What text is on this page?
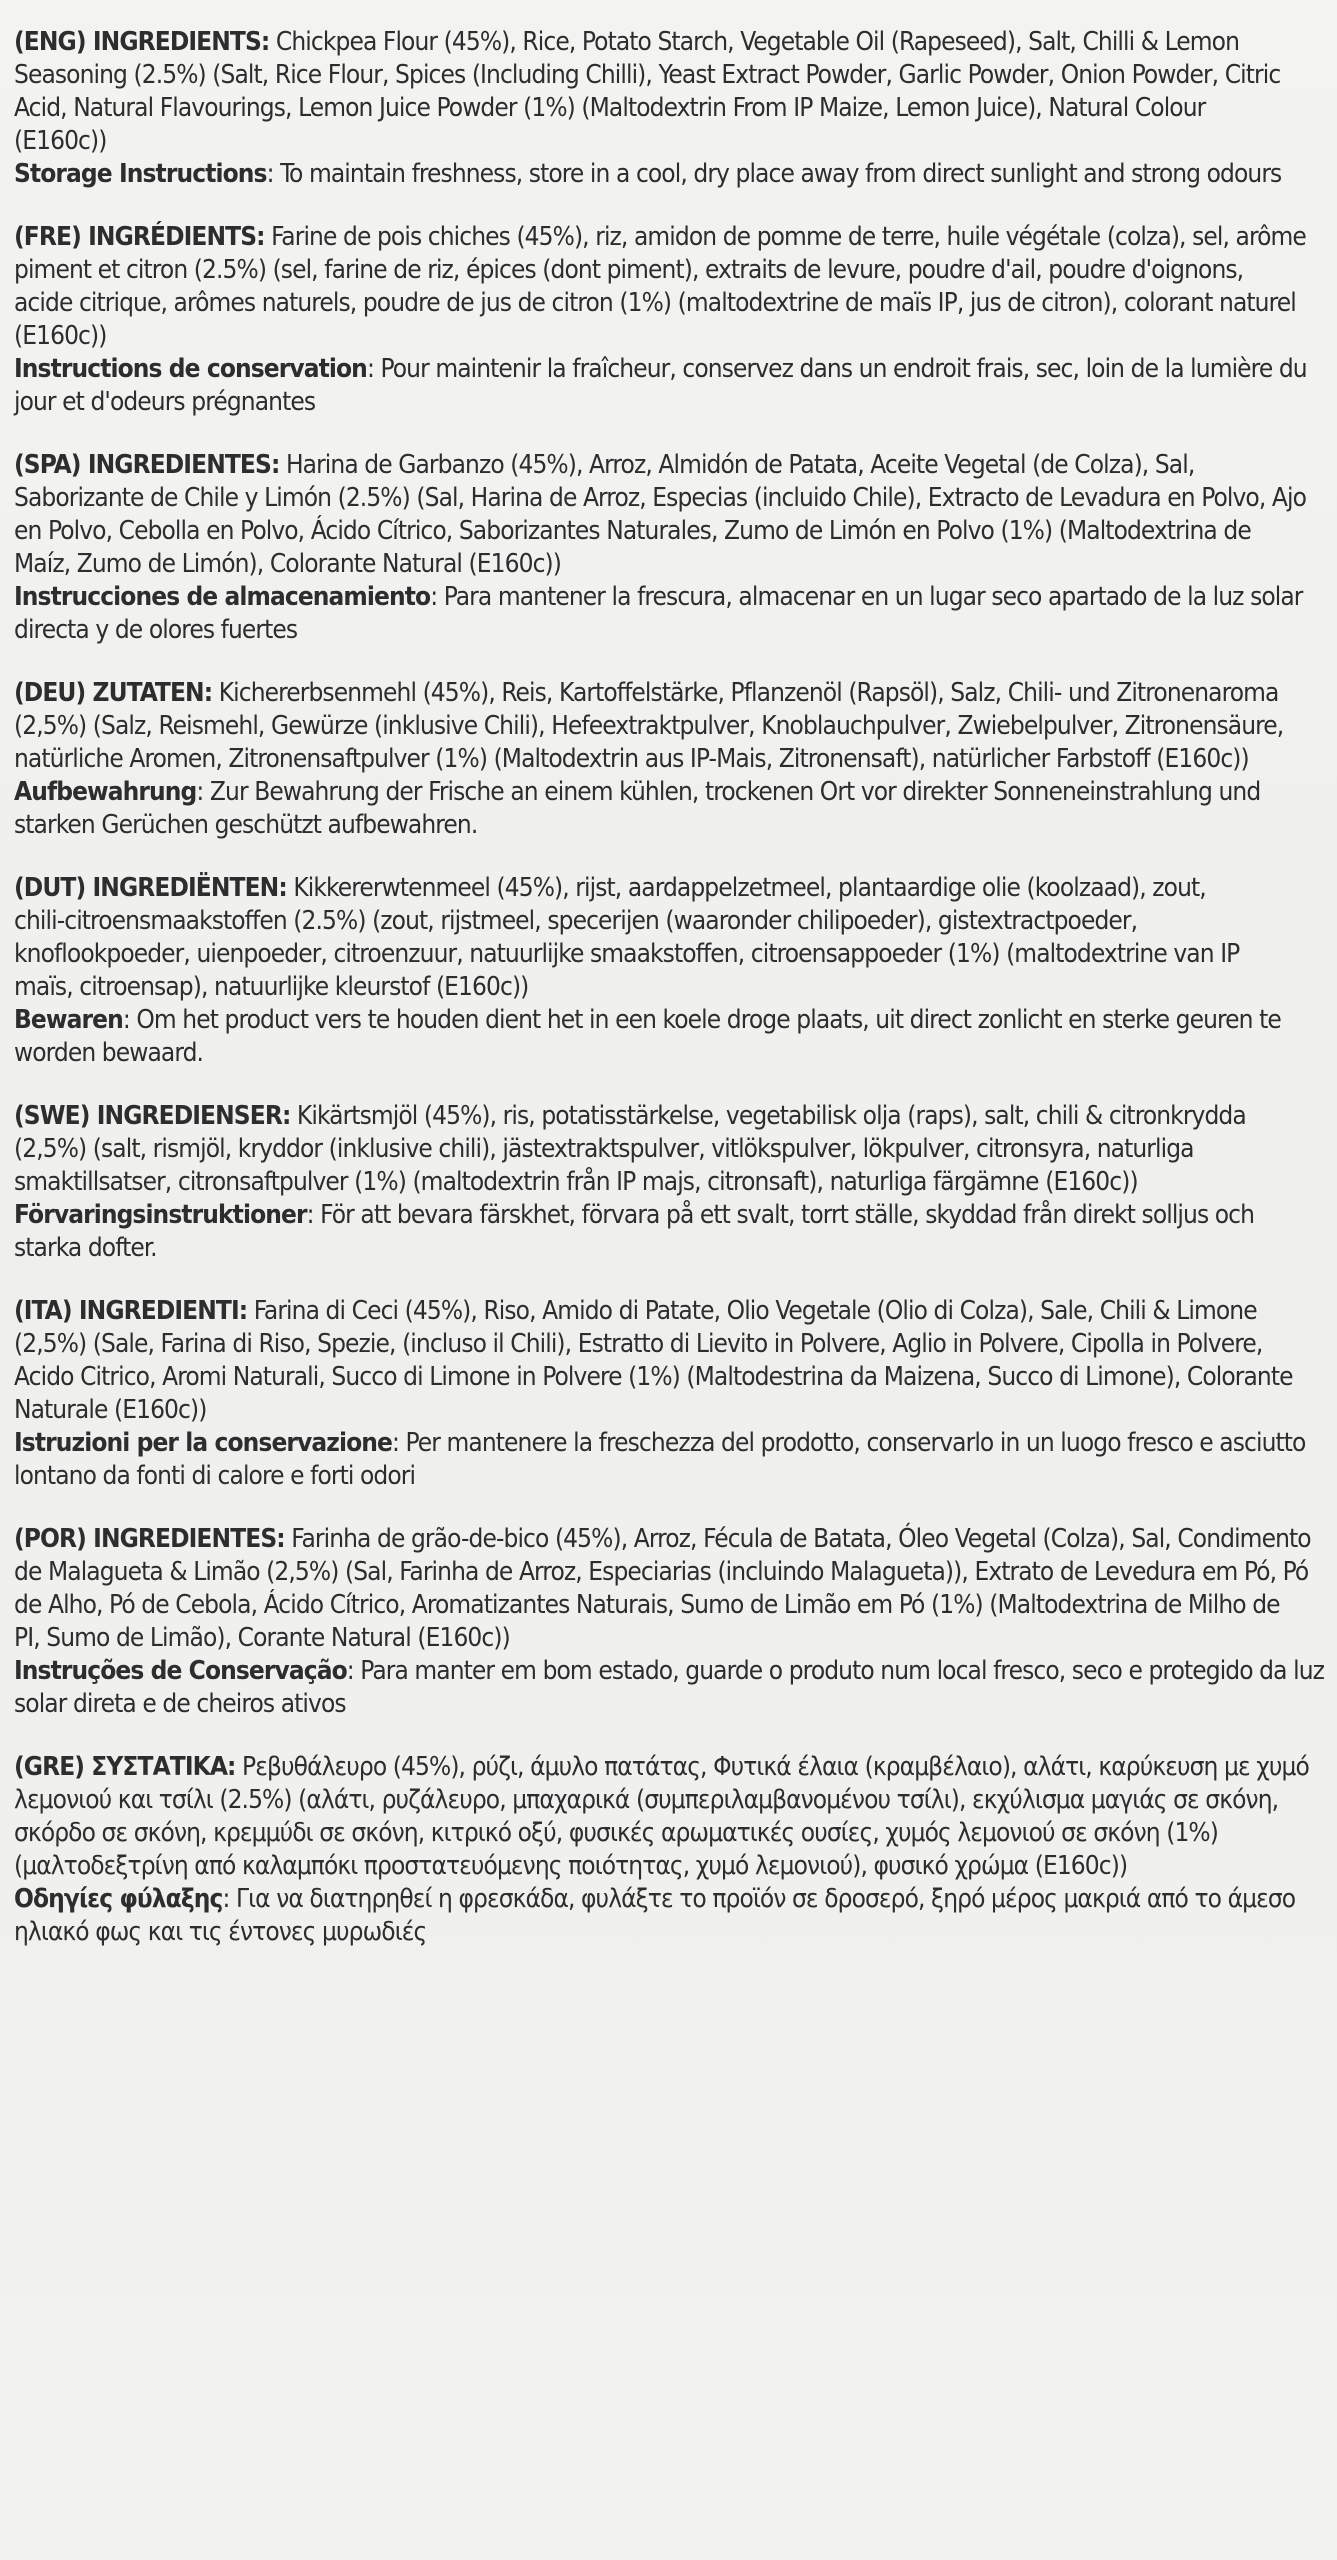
(ENG) INGREDIENTS: Chickpea Flour (45%), Rice, Potato Starch, Vegetable Oil (Rapeseed), Salt, Chilli & Lemon

Seasoning (2.5%) (Salt, Rice Flour, Spices (Including Chilli), Yeast Extract Powder, Garlic Powder, Onion Powder, Citric

Acid, Natural Flavourings, Lemon Juice Powder (1%) (Maltodextrin From IP Maize, Lemon Juice), Natural Colour

(E160c))

Storage Instructions: To maintain freshness, store in a cool, dry place away from direct sunlight and strong odours

(FRE) INGRÉDIENTS: Farine de pois chiches (45%), riz, amidon de pomme de terre, huile végétale (colza), sel, arôme

piment et citron (2.5%) (sel, farine de riz, épices (dont piment), extraits de levure, poudre d'ail, poudre d'oignons,

acide citrique, arômes naturels, poudre de jus de citron (1%) (maltodextrine de maïs IP, jus de citron), colorant naturel

(E160c))

Instructions de conservation: Pour maintenir la fraîcheur, conservez dans un endroit frais, sec, loin de la lumière du

jour et d'odeurs prégnantes

(SPA) INGREDIENTES: Harina de Garbanzo (45%), Arroz, Almidón de Patata, Aceite Vegetal (de Colza), Sal,

Saborizante de Chile y Limón (2.5%) (Sal, Harina de Arroz, Especias (incluido Chile), Extracto de Levadura en Polvo, Ajo

en Polvo, Cebolla en Polvo, Ácido Cítrico, Saborizantes Naturales, Zumo de Limón en Polvo (1%) (Maltodextrina de

Maíz, Zumo de Limón), Colorante Natural (E160c))

Instrucciones de almacenamiento: Para mantener la frescura, almacenar en un lugar seco apartado de la luz solar

directa y de olores fuertes

(DEU) ZUTATEN: Kichererbsenmehl (45%), Reis, Kartoffelstärke, Pflanzenöl (Rapsöl), Salz, Chili- und Zitronenaroma

(2,5%) (Salz, Reismehl, Gewürze (inklusive Chili), Hefeextraktpulver, Knoblauchpulver, Zwiebelpulver, Zitronensäure,

natürliche Aromen, Zitronensaftpulver (1%) (Maltodextrin aus IP-Mais, Zitronensaft), natürlicher Farbstoff (E160c))

Aufbewahrung: Zur Bewahrung der Frische an einem kühlen, trockenen Ort vor direkter Sonneneinstrahlung und

starken Gerüchen geschützt aufbewahren.

(DUT) INGREDIËNTEN: Kikkererwtenmeel (45%), rijst, aardappelzetmeel, plantaardige olie (koolzaad), zout,

chili-citroensmaakstoffen (2.5%) (zout, rijstmeel, specerijen (waaronder chilipoeder), gistextractpoeder,

knoflookpoeder, uienpoeder, citroenzuur, natuurlijke smaakstoffen, citroensappoeder (1%) (maltodextrine van IP

maïs, citroensap), natuurlijke kleurstof (E160c))

Bewaren: Om het product vers te houden dient het in een koele droge plaats, uit direct zonlicht en sterke geuren te

worden bewaard.

(SWE) INGREDIENSER: Kikärtsmjöl (45%), ris, potatisstärkelse, vegetabilisk olja (raps), salt, chili & citronkrydda

(2,5%) (salt, rismjöl, kryddor (inklusive chili), jästextraktspulver, vitlökspulver, lökpulver, citronsyra, naturliga

smaktillsatser, citronsaftpulver (1%) (maltodextrin från IP majs, citronsaft), naturliga färgämne (E160c))

Förvaringsinstruktioner: För att bevara färskhet, förvara på ett svalt, torrt ställe, skyddad från direkt solljus och

starka dofter.

(ITA) INGREDIENTI: Farina di Ceci (45%), Riso, Amido di Patate, Olio Vegetale (Olio di Colza), Sale, Chili & Limone

(2,5%) (Sale, Farina di Riso, Spezie, (incluso il Chili), Estratto di Lievito in Polvere, Aglio in Polvere, Cipolla in Polvere,

Acido Citrico, Aromi Naturali, Succo di Limone in Polvere (1%) (Maltodestrina da Maizena, Succo di Limone), Colorante

Naturale (E160c))

Istruzioni per la conservazione: Per mantenere la freschezza del prodotto, conservarlo in un luogo fresco e asciutto

lontano da fonti di calore e forti odori

(POR) INGREDIENTES: Farinha de grão-de-bico (45%), Arroz, Fécula de Batata, Óleo Vegetal (Colza), Sal, Condimento

de Malagueta & Limão (2,5%) (Sal, Farinha de Arroz, Especiarias (incluindo Malagueta)), Extrato de Levedura em Pó, Pó

de Alho, Pó de Cebola, Ácido Cítrico, Aromatizantes Naturais, Sumo de Limão em Pó (1%) (Maltodextrina de Milho de

PI, Sumo de Limão), Corante Natural (E160c))

Instruções de Conservação: Para manter em bom estado, guarde o produto num local fresco, seco e protegido da luz

solar direta e de cheiros ativos

(GRE) ΣΥΣΤΑΤΙΚΑ: Ρεβυθάλευρο (45%), ρύζι, άμυλο πατάτας, Φυτικά έλαια (κραμβέλαιο), αλάτι, καρύκευση με χυμό

λεμονιού και τσίλι (2.5%) (αλάτι, ρυζάλευρο, μπαχαρικά (συμπεριλαμβανομένου τσίλι), εκχύλισμα μαγιάς σε σκόνη,

σκόρδο σε σκόνη, κρεμμύδι σε σκόνη, κιτρικό οξύ, φυσικές αρωματικές ουσίες, χυμός λεμονιού σε σκόνη (1%)

(μαλτοδεξτρίνη από καλαμπόκι προστατευόμενης ποιότητας, χυμό λεμονιού), φυσικό χρώμα (E160c))

Οδηγίες φύλαξης: Για να διατηρηθεί η φρεσκάδα, φυλάξτε το προϊόν σε δροσερό, ξηρό μέρος μακριά από το άμεσο

ηλιακό φως και τις έντονες μυρωδιές
